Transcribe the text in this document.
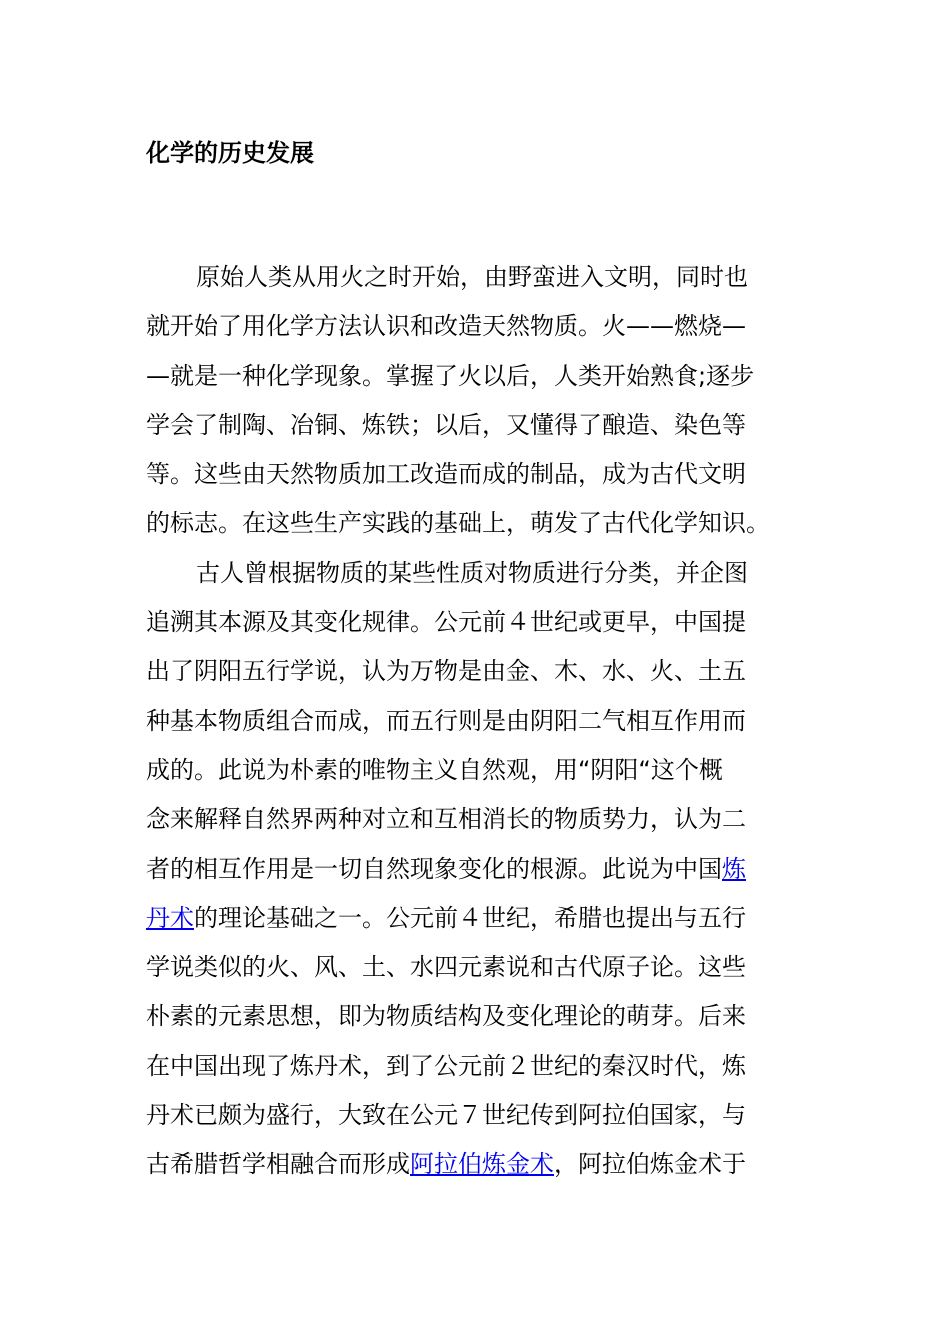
化学的历史发展
原始人类从用火之时开始，由野蛮进入文明，同时也
就开始了用化学方法认识和改造天然物质。火——燃烧—
—就是一种化学现象。掌握了火以后，人类开始熟食;逐步
学会了制陶、冶铜、炼铁；以后，又懂得了酿造、染色等
等。这些由天然物质加工改造而成的制品，成为古代文明
的标志。在这些生产实践的基础上，萌发了古代化学知识。
古人曾根据物质的某些性质对物质进行分类，并企图
追溯其本源及其变化规律。公元前４世纪或更早，中国提
出了阴阳五行学说，认为万物是由金、木、水、火、土五
种基本物质组合而成，而五行则是由阴阳二气相互作用而
成的。此说为朴素的唯物主义自然观，用“阴阳“这个概
念来解释自然界两种对立和互相消长的物质势力，认为二
者的相互作用是一切自然现象变化的根源。此说为中国炼
丹术的理论基础之一。公元前４世纪，希腊也提出与五行
学说类似的火、风、土、水四元素说和古代原子论。这些
朴素的元素思想，即为物质结构及变化理论的萌芽。后来
在中国出现了炼丹术，到了公元前２世纪的秦汉时代，炼
丹术已颇为盛行，大致在公元７世纪传到阿拉伯国家，与
古希腊哲学相融合而形成阿拉伯炼金术，阿拉伯炼金术于
